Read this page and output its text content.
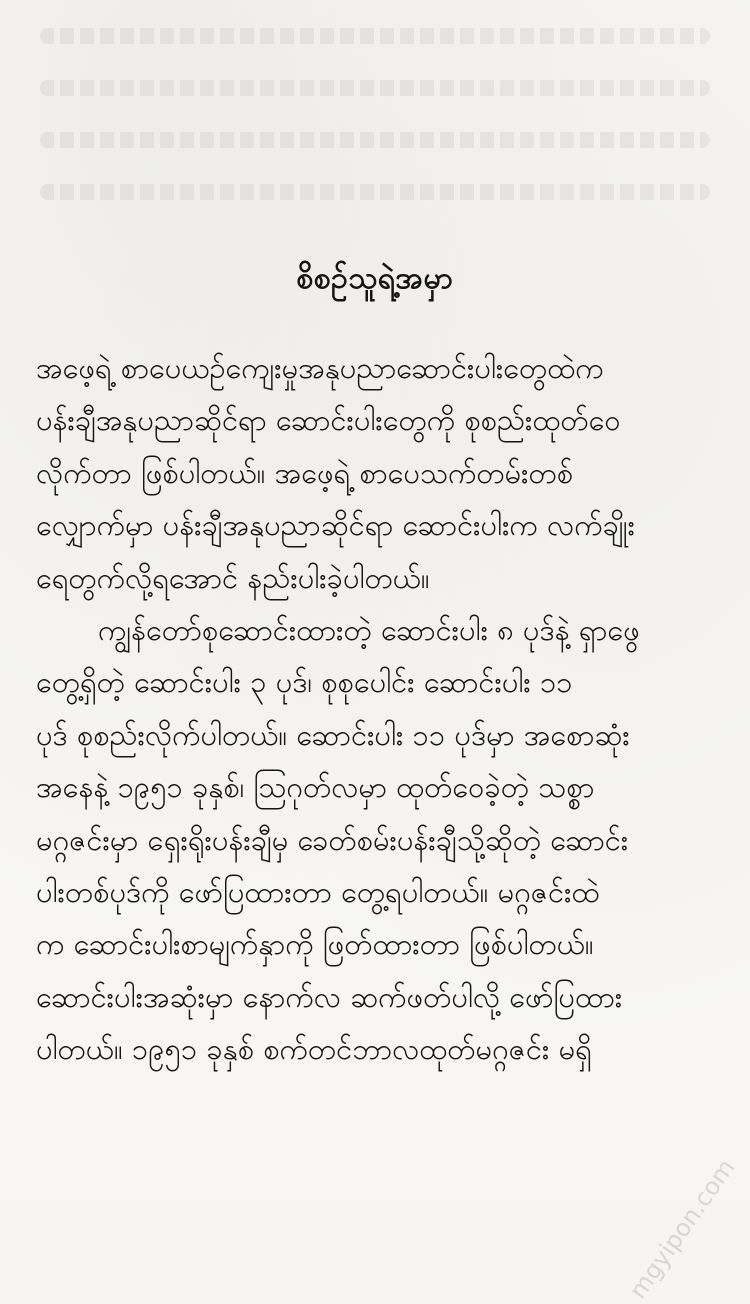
စိစဉ်သူရဲ့အမှာ
အဖေ့ရဲ့ စာပေယဉ်ကျေးမှုအနုပညာဆောင်းပါးတွေထဲက
ပန်းချီအနုပညာဆိုင်ရာ ဆောင်းပါးတွေကို စုစည်းထုတ်ဝေ
လိုက်တာ ဖြစ်ပါတယ်။ အဖေ့ရဲ့ စာပေသက်တမ်းတစ်
လျှောက်မှာ ပန်းချီအနုပညာဆိုင်ရာ ဆောင်းပါးက လက်ချိုး
ရေတွက်လို့ရအောင် နည်းပါးခဲ့ပါတယ်။
ကျွန်တော်စုဆောင်းထားတဲ့ ဆောင်းပါး ၈ ပုဒ်နဲ့ ရှာဖွေ
တွေ့ရှိတဲ့ ဆောင်းပါး ၃ ပုဒ်၊ စုစုပေါင်း ဆောင်းပါး ၁၁
ပုဒ် စုစည်းလိုက်ပါတယ်။ ဆောင်းပါး ၁၁ ပုဒ်မှာ အစောဆုံး
အနေနဲ့ ၁၉၅၁ ခုနှစ်၊ ဩဂုတ်လမှာ ထုတ်ဝေခဲ့တဲ့ သစ္စာ
မဂ္ဂဇင်းမှာ ရှေးရိုးပန်းချီမှ ခေတ်စမ်းပန်းချီသို့ဆိုတဲ့ ဆောင်း
ပါးတစ်ပုဒ်ကို ဖော်ပြထားတာ တွေ့ရပါတယ်။ မဂ္ဂဇင်းထဲ
က ဆောင်းပါးစာမျက်နှာကို ဖြတ်ထားတာ ဖြစ်ပါတယ်။
ဆောင်းပါးအဆုံးမှာ နောက်လ ဆက်ဖတ်ပါလို့ ဖော်ပြထား
ပါတယ်။ ၁၉၅၁ ခုနှစ် စက်တင်ဘာလထုတ်မဂ္ဂဇင်း မရှိ
mgyipon.com
